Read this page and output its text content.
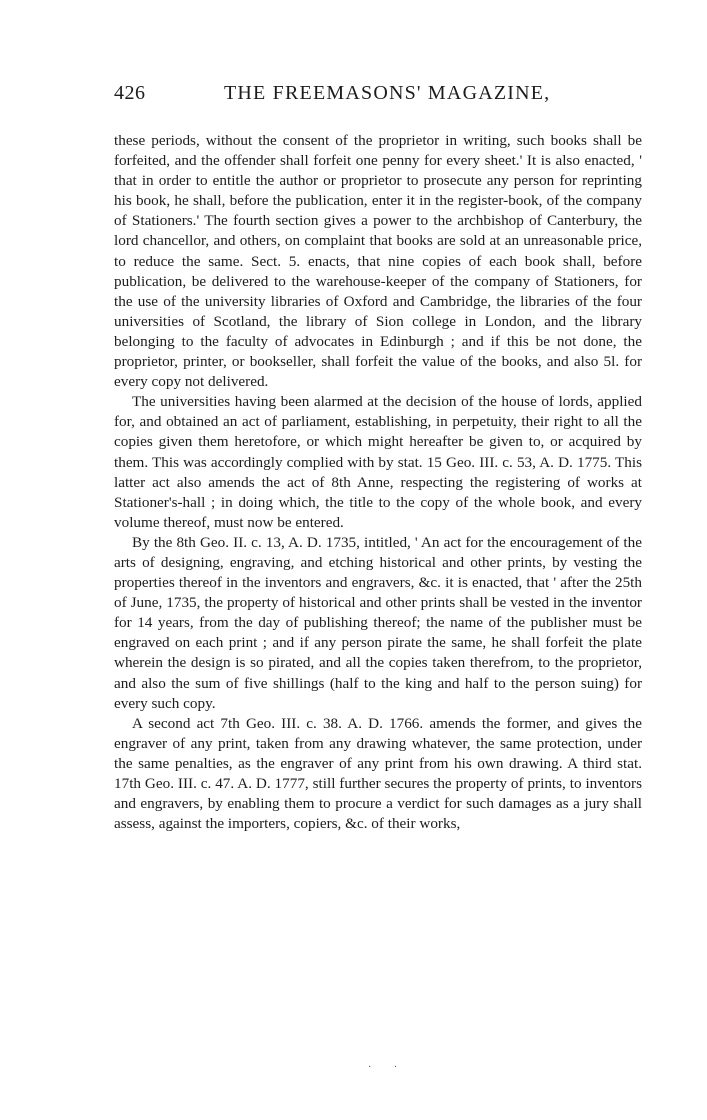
426	THE FREEMASONS' MAGAZINE,

these periods, without the consent of the proprietor in writing, such books shall be forfeited, and the offender shall forfeit one penny for every sheet.' It is also enacted, ' that in order to entitle the author or proprietor to prosecute any person for reprinting his book, he shall, before the publication, enter it in the register-book, of the company of Stationers.' The fourth section gives a power to the archbishop of Canterbury, the lord chancellor, and others, on complaint that books are sold at an unreasonable price, to reduce the same. Sect. 5. enacts, that nine copies of each book shall, before publication, be delivered to the warehouse-keeper of the company of Stationers, for the use of the university libraries of Oxford and Cambridge, the libraries of the four universities of Scotland, the library of Sion college in London, and the library belonging to the faculty of advocates in Edinburgh ; and if this be not done, the proprietor, printer, or bookseller, shall forfeit the value of the books, and also 5l. for every copy not delivered.

The universities having been alarmed at the decision of the house of lords, applied for, and obtained an act of parliament, establishing, in perpetuity, their right to all the copies given them heretofore, or which might hereafter be given to, or acquired by them. This was accordingly complied with by stat. 15 Geo. III. c. 53, A. D. 1775. This latter act also amends the act of 8th Anne, respecting the registering of works at Stationer's-hall ; in doing which, the title to the copy of the whole book, and every volume thereof, must now be entered.

By the 8th Geo. II. c. 13, A. D. 1735, intitled, ' An act for the encouragement of the arts of designing, engraving, and etching historical and other prints, by vesting the properties thereof in the inventors and engravers, &c. it is enacted, that ' after the 25th of June, 1735, the property of historical and other prints shall be vested in the inventor for 14 years, from the day of publishing thereof; the name of the publisher must be engraved on each print ; and if any person pirate the same, he shall forfeit the plate wherein the design is so pirated, and all the copies taken therefrom, to the proprietor, and also the sum of five shillings (half to the king and half to the person suing) for every such copy.

A second act 7th Geo. III. c. 38. A. D. 1766. amends the former, and gives the engraver of any print, taken from any drawing whatever, the same protection, under the same penalties, as the engraver of any print from his own drawing. A third stat. 17th Geo. III. c. 47. A. D. 1777, still further secures the property of prints, to inventors and engravers, by enabling them to procure a verdict for such damages as a jury shall assess, against the importers, copiers, &c. of their works,

· ·
